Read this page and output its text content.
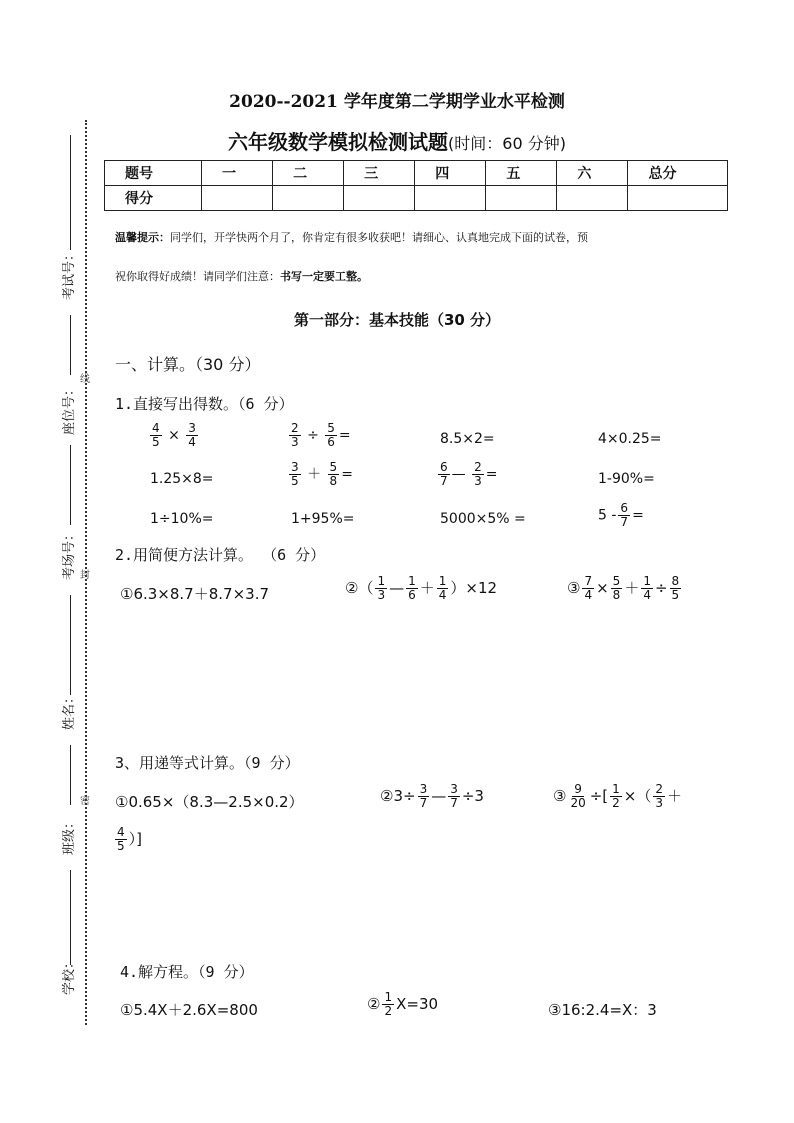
考试号：
座位号：
线
考场号： 封
姓名：
班级：
密
学校：
2020--2021 学年度第二学期学业水平检测
六年级数学模拟检测试题(时间：60 分钟)
题号	一	二	三	四	五	六	总分
得分							
温馨提示：同学们，开学快两个月了，你肯定有很多收获吧！请细心、认真地完成下面的试卷，预
祝你取得好成绩！请同学们注意：书写一定要工整。
第一部分：基本技能（30 分）
一、计算。（30 分）
1.直接写出得数。（6 分）
$\frac{4}{5} \times \frac{3}{4}$	$\frac{2}{3} \div \frac{5}{6}$ =	8.5×2=	4×0.25=
1.25×8=	$\frac{3}{5} + \frac{5}{8}$ =	$\frac{6}{7}$ — $\frac{2}{3}$ =	1-90%=
1÷10%=	1+95%=	5000×5% =	$5 - \frac{6}{7}$ =
2.用简便方法计算。 （6 分）
①6.3×8.7＋8.7×3.7	②（ $\frac{1}{3}$ — $\frac{1}{6} + \frac{1}{4} )\times 12$	③ $\frac{7}{4} \times \frac{5}{8} + \frac{1}{4} \div \frac{8}{5}$
3、用递等式计算。（9 分）
①0.65×（8.3—2.5×0.2）	②3÷ $\frac{3}{7}$ — $\frac{3}{7} \div 3$	③ $\frac{9}{20}$ ÷[ $\frac{1}{2}$ ×（ $\frac{2}{3}$ ＋
$\frac{4}{5}$ ）]
4.解方程。（9 分）
①5.4X＋2.6X=800	② $\frac{1}{2} X=30$	③16:2.4=X：3
